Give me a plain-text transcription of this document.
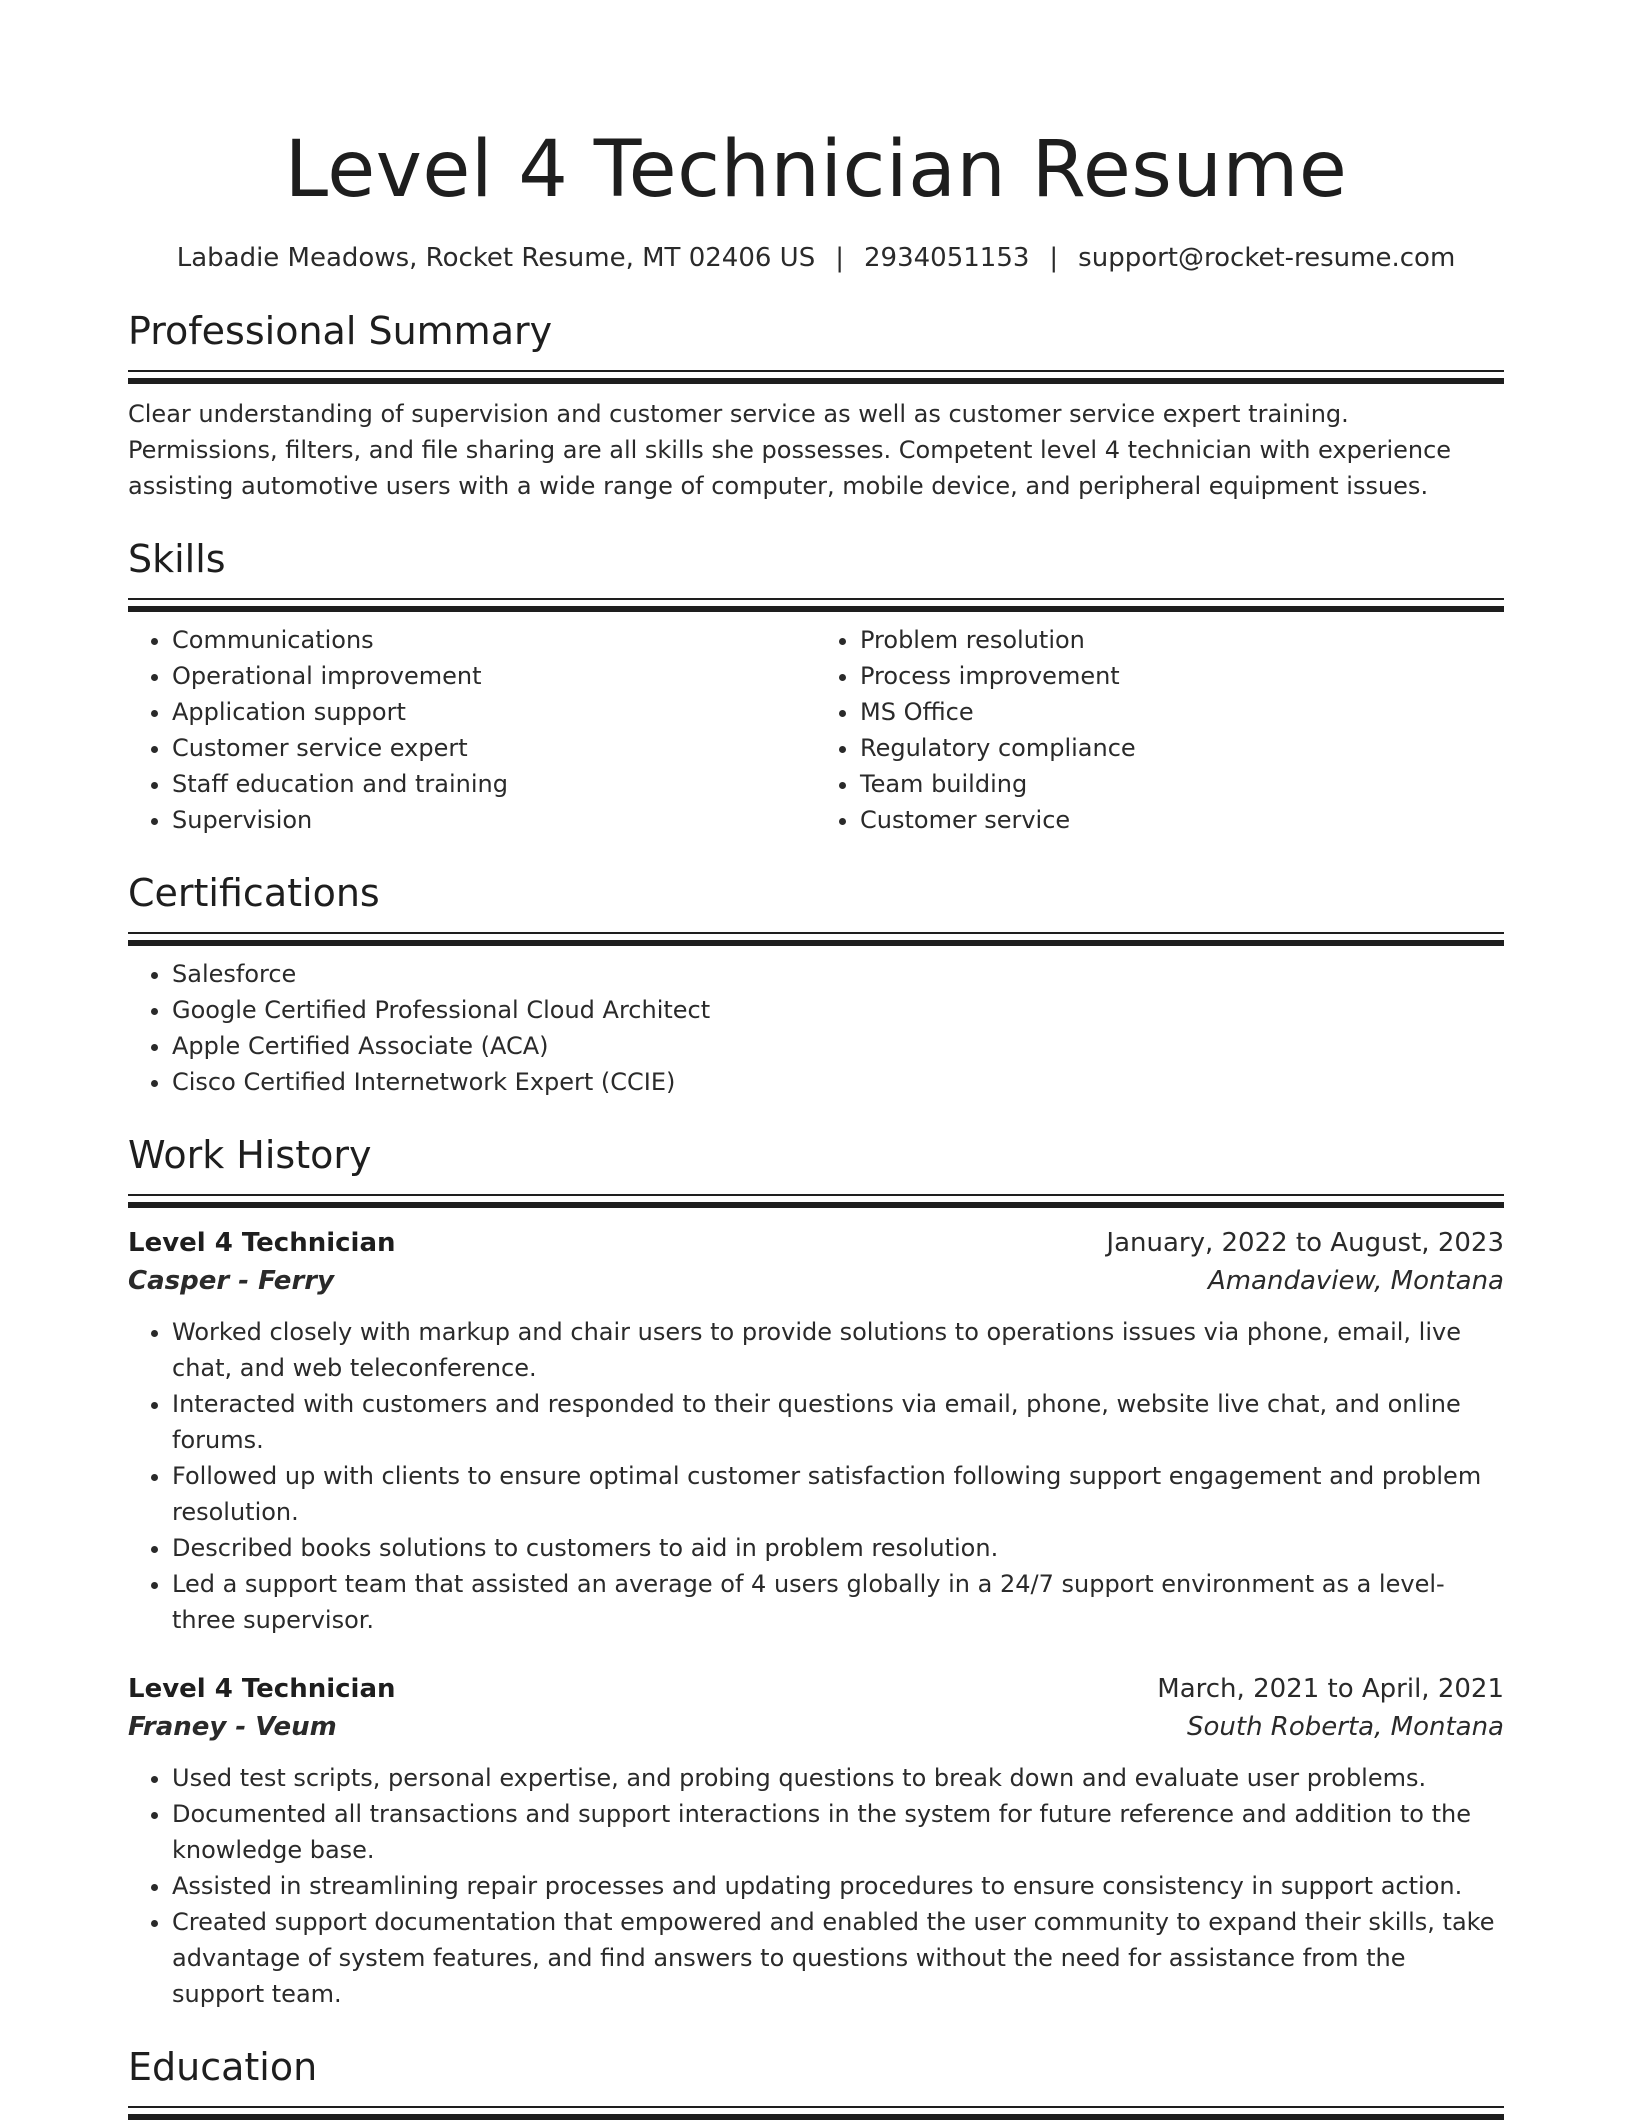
Level 4 Technician Resume
Labadie Meadows, Rocket Resume, MT 02406 US | 2934051153 | support@rocket-resume.com
Professional Summary

Clear understanding of supervision and customer service as well as customer service expert training. Permissions, filters, and file sharing are all skills she possesses. Competent level 4 technician with experience assisting automotive users with a wide range of computer, mobile device, and peripheral equipment issues.

Skills
• Communications
• Operational improvement
• Application support
• Customer service expert
• Staff education and training
• Supervision
• Problem resolution
• Process improvement
• MS Office
• Regulatory compliance
• Team building
• Customer service
Certifications
• Salesforce
• Google Certified Professional Cloud Architect
• Apple Certified Associate (ACA)
• Cisco Certified Internetwork Expert (CCIE)
Work History
Level 4 Technician	January, 2022 to August, 2023
Casper - Ferry	Amandaview, Montana
• Worked closely with markup and chair users to provide solutions to operations issues via phone, email, live chat, and web teleconference.
• Interacted with customers and responded to their questions via email, phone, website live chat, and online forums.
• Followed up with clients to ensure optimal customer satisfaction following support engagement and problem resolution.
• Described books solutions to customers to aid in problem resolution.
• Led a support team that assisted an average of 4 users globally in a 24/7 support environment as a level-three supervisor.
Level 4 Technician	March, 2021 to April, 2021
Franey - Veum	South Roberta, Montana
• Used test scripts, personal expertise, and probing questions to break down and evaluate user problems.
• Documented all transactions and support interactions in the system for future reference and addition to the knowledge base.
• Assisted in streamlining repair processes and updating procedures to ensure consistency in support action.
• Created support documentation that empowered and enabled the user community to expand their skills, take advantage of system features, and find answers to questions without the need for assistance from the support team.
Education
